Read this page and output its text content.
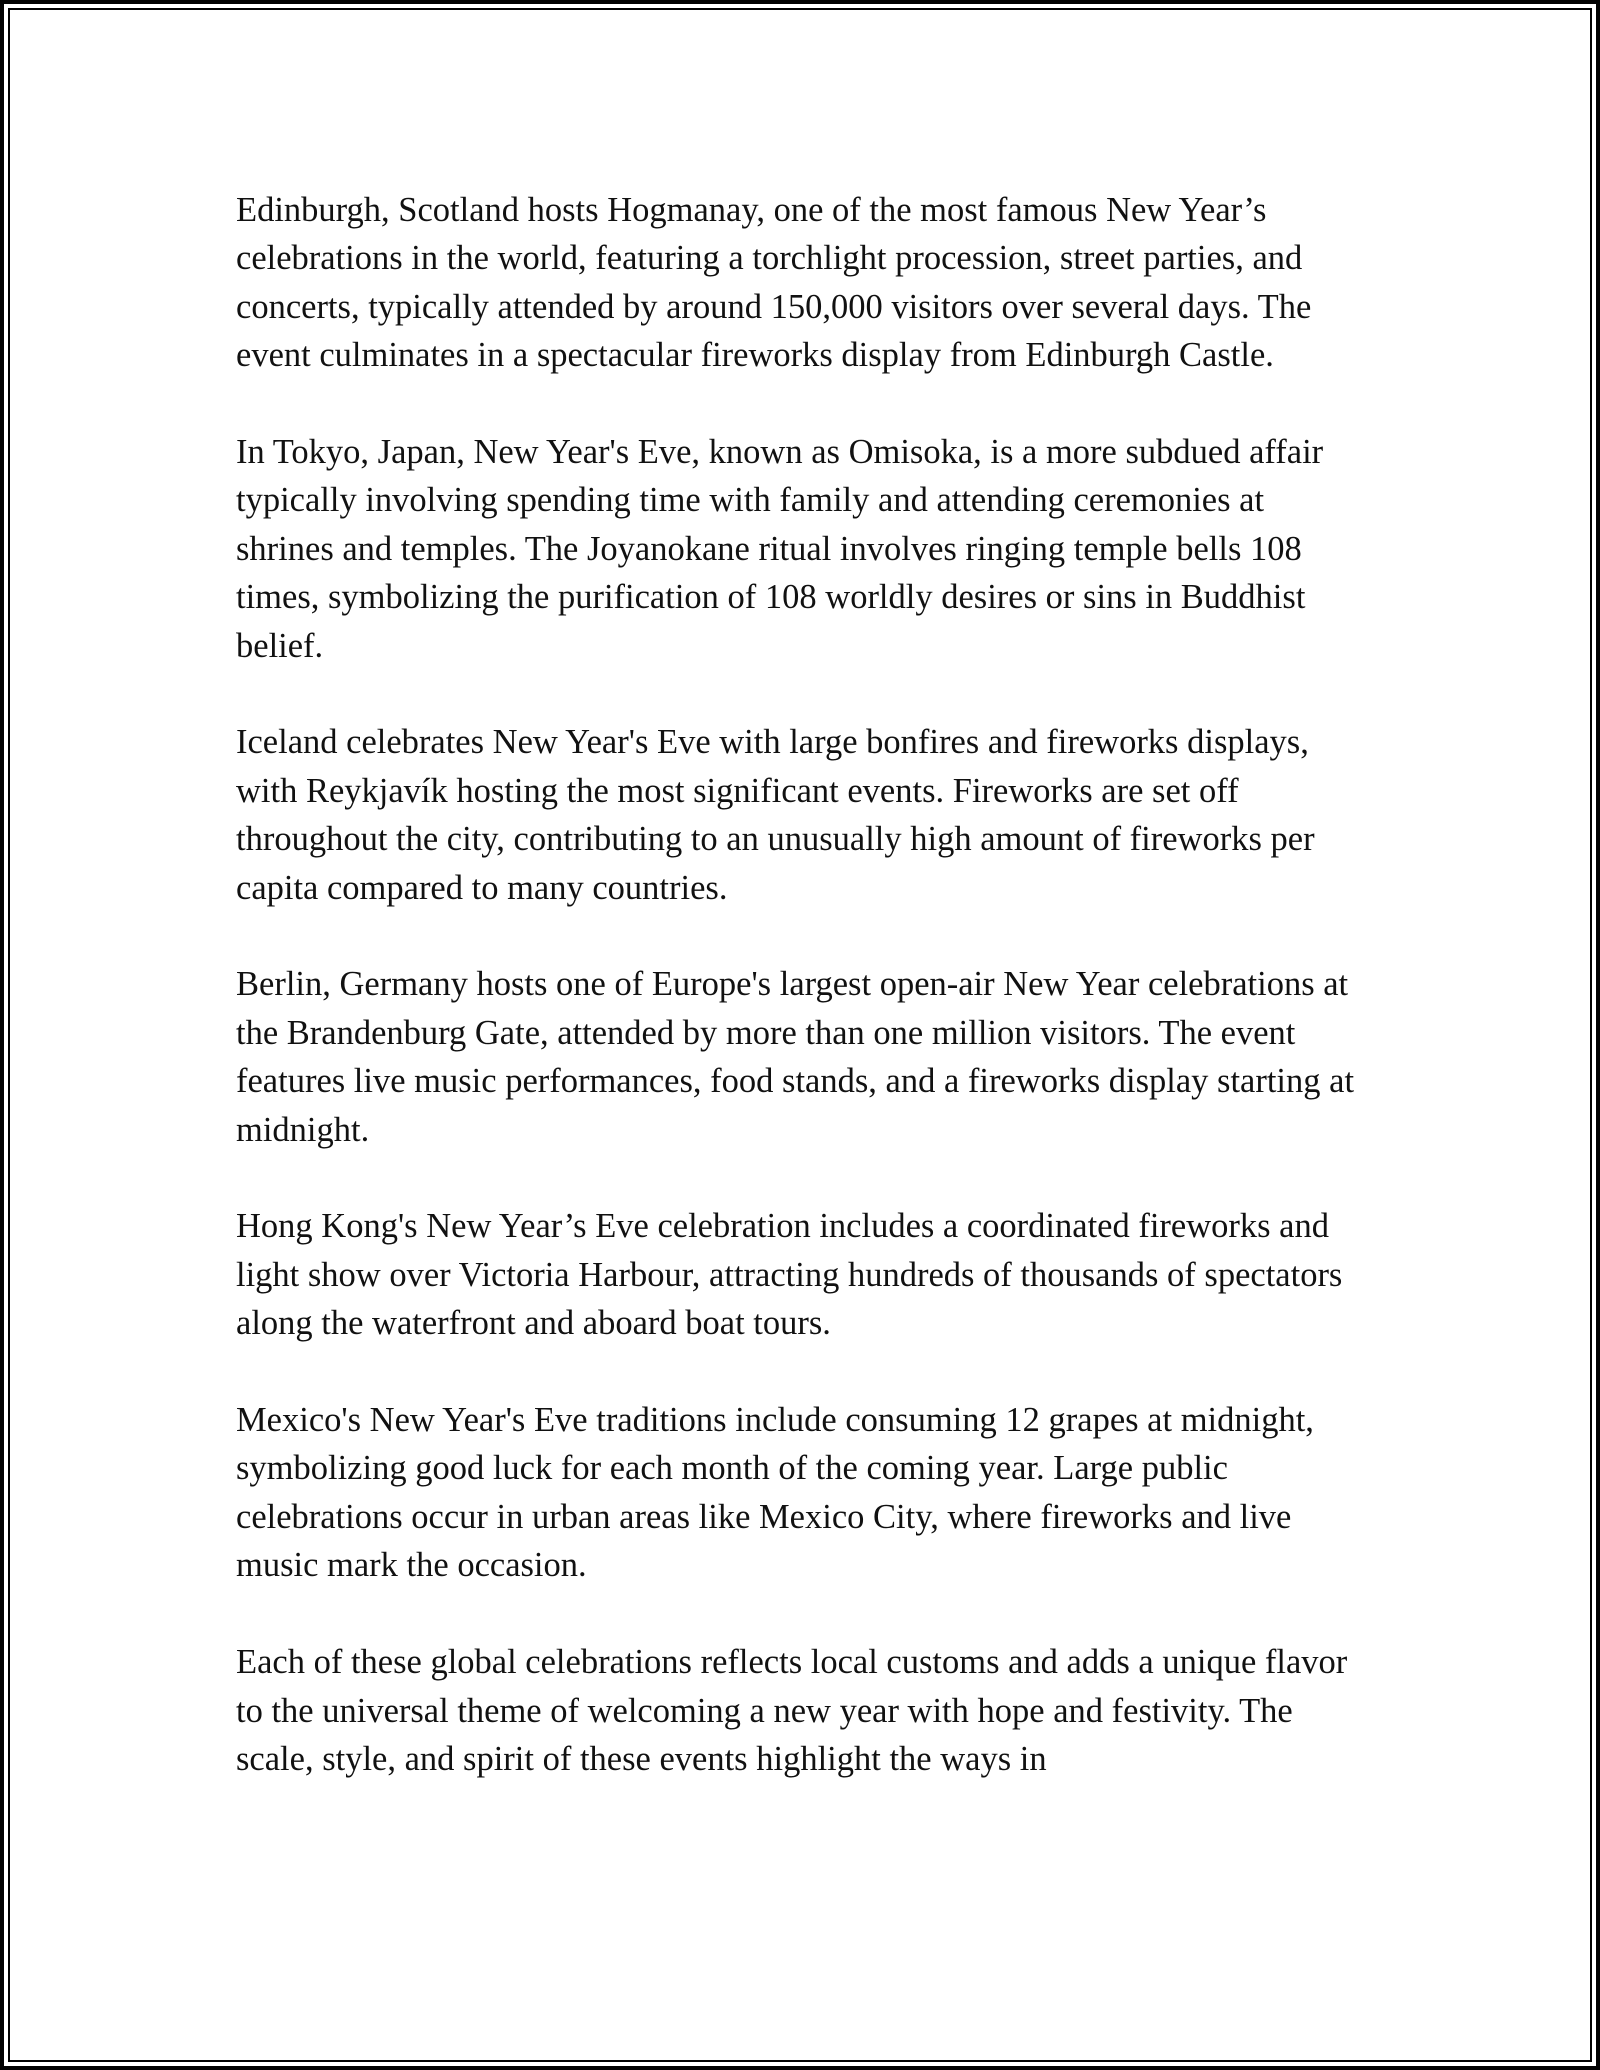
Edinburgh, Scotland hosts Hogmanay, one of the most famous New Year’s celebrations in the world, featuring a torchlight procession, street parties, and concerts, typically attended by around 150,000 visitors over several days. The event culminates in a spectacular fireworks display from Edinburgh Castle.

In Tokyo, Japan, New Year's Eve, known as Omisoka, is a more subdued affair typically involving spending time with family and attending ceremonies at shrines and temples. The Joyanokane ritual involves ringing temple bells 108 times, symbolizing the purification of 108 worldly desires or sins in Buddhist belief.

Iceland celebrates New Year's Eve with large bonfires and fireworks displays, with Reykjavík hosting the most significant events. Fireworks are set off throughout the city, contributing to an unusually high amount of fireworks per capita compared to many countries.

Berlin, Germany hosts one of Europe's largest open-air New Year celebrations at the Brandenburg Gate, attended by more than one million visitors. The event features live music performances, food stands, and a fireworks display starting at midnight.

Hong Kong's New Year’s Eve celebration includes a coordinated fireworks and light show over Victoria Harbour, attracting hundreds of thousands of spectators along the waterfront and aboard boat tours.

Mexico's New Year's Eve traditions include consuming 12 grapes at midnight, symbolizing good luck for each month of the coming year. Large public celebrations occur in urban areas like Mexico City, where fireworks and live music mark the occasion.

Each of these global celebrations reflects local customs and adds a unique flavor to the universal theme of welcoming a new year with hope and festivity. The scale, style, and spirit of these events highlight the ways in
